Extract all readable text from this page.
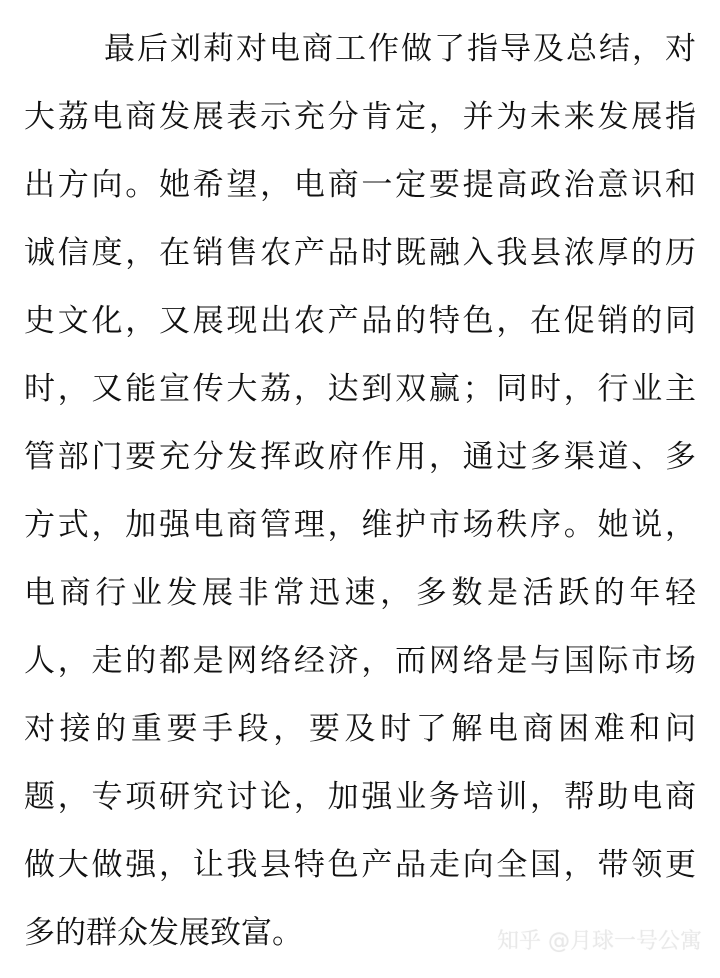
最后刘莉对电商工作做了指导及总结，对
大荔电商发展表示充分肯定，并为未来发展指
出方向。她希望，电商一定要提高政治意识和
诚信度，在销售农产品时既融入我县浓厚的历
史文化，又展现出农产品的特色，在促销的同
时，又能宣传大荔，达到双赢；同时，行业主
管部门要充分发挥政府作用，通过多渠道、多
方式，加强电商管理，维护市场秩序。她说，
电商行业发展非常迅速，多数是活跃的年轻
人，走的都是网络经济，而网络是与国际市场
对接的重要手段，要及时了解电商困难和问
题，专项研究讨论，加强业务培训，帮助电商
做大做强，让我县特色产品走向全国，带领更
多的群众发展致富。	知乎 @月球一号公寓
